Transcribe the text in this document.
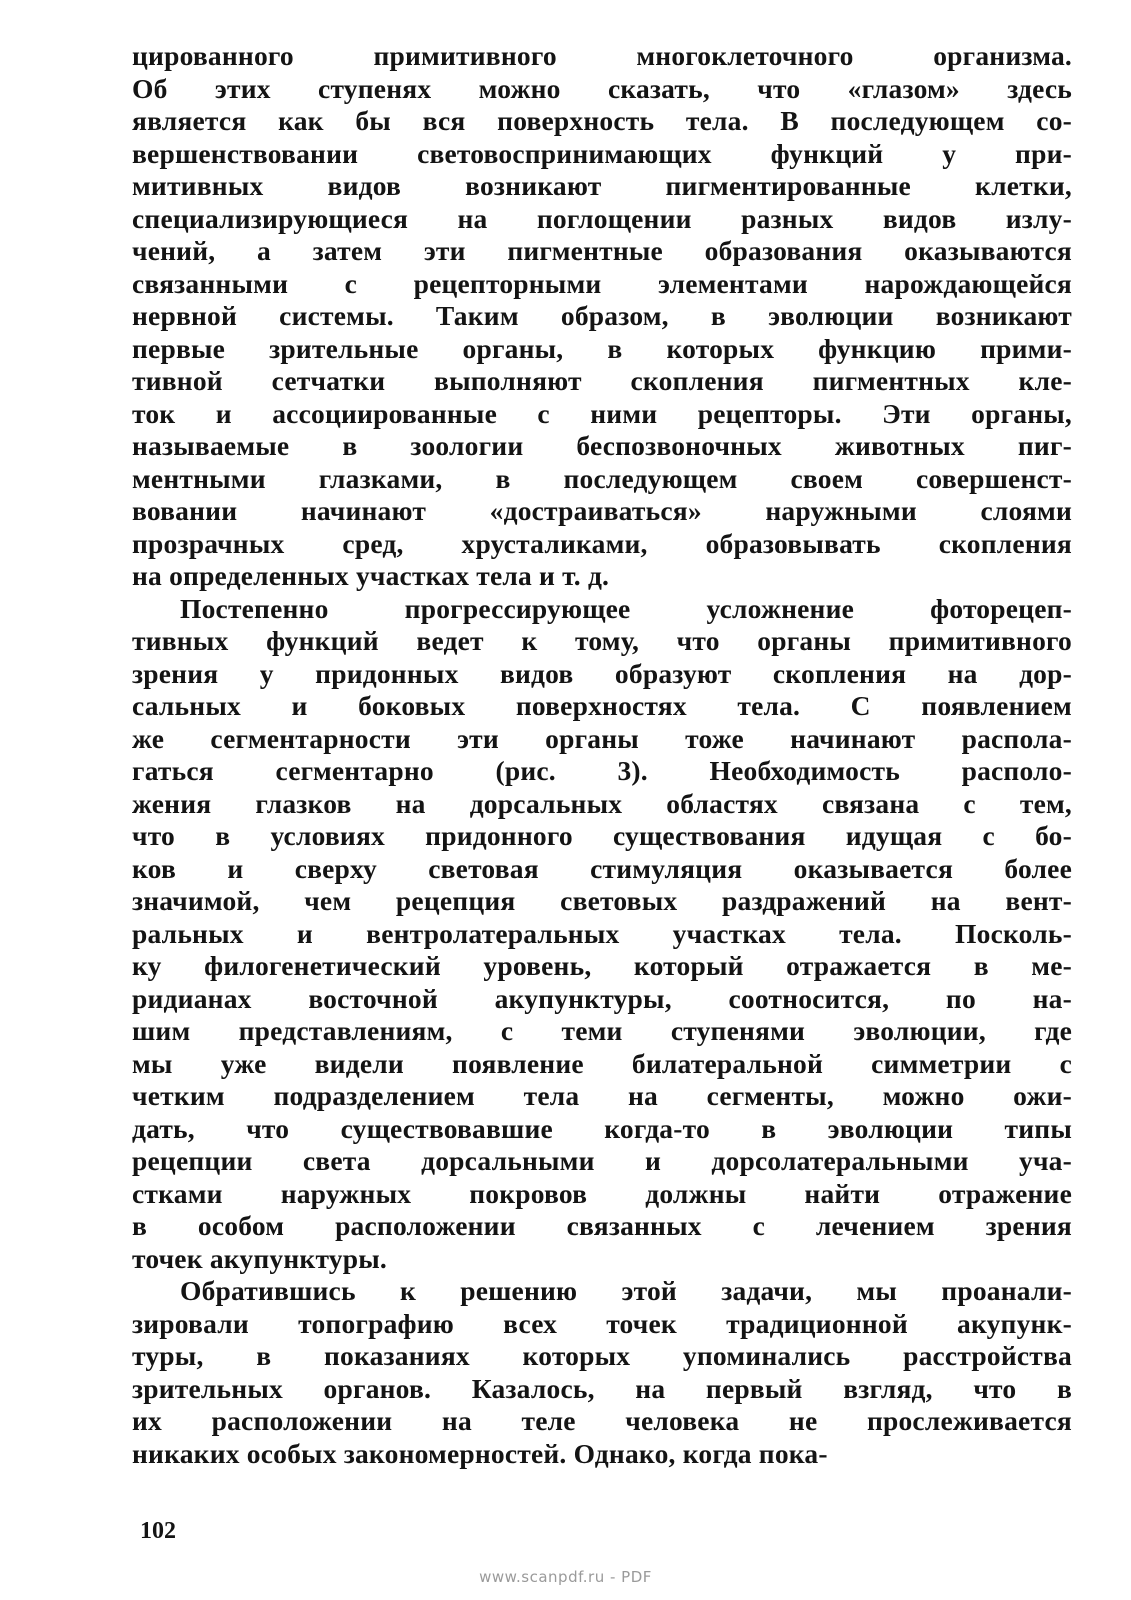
цированного примитивного многоклеточного организма.
Об этих ступенях можно сказать, что «глазом» здесь
является как бы вся поверхность тела. В последующем со-
вершенствовании световоспринимающих функций у при-
митивных видов возникают пигментированные клетки,
специализирующиеся на поглощении разных видов излу-
чений, а затем эти пигментные образования оказываются
связанными с рецепторными элементами нарождающейся
нервной системы. Таким образом, в эволюции возникают
первые зрительные органы, в которых функцию прими-
тивной сетчатки выполняют скопления пигментных кле-
ток и ассоциированные с ними рецепторы. Эти органы,
называемые в зоологии беспозвоночных животных пиг-
ментными глазками, в последующем своем совершенст-
вовании начинают «достраиваться» наружными слоями
прозрачных сред, хрусталиками, образовывать скопления
на определенных участках тела и т. д.
Постепенно прогрессирующее усложнение фоторецеп-
тивных функций ведет к тому, что органы примитивного
зрения у придонных видов образуют скопления на дор-
сальных и боковых поверхностях тела. С появлением
же сегментарности эти органы тоже начинают распола-
гаться сегментарно (рис. 3). Необходимость располо-
жения глазков на дорсальных областях связана с тем,
что в условиях придонного существования идущая с бо-
ков и сверху световая стимуляция оказывается более
значимой, чем рецепция световых раздражений на вент-
ральных и вентролатеральных участках тела. Посколь-
ку филогенетический уровень, который отражается в ме-
ридианах восточной акупунктуры, соотносится, по на-
шим представлениям, с теми ступенями эволюции, где
мы уже видели появление билатеральной симметрии с
четким подразделением тела на сегменты, можно ожи-
дать, что существовавшие когда-то в эволюции типы
рецепции света дорсальными и дорсолатеральными уча-
стками наружных покровов должны найти отражение
в особом расположении связанных с лечением зрения
точек акупунктуры.
Обратившись к решению этой задачи, мы проанали-
зировали топографию всех точек традиционной акупунк-
туры, в показаниях которых упоминались расстройства
зрительных органов. Казалось, на первый взгляд, что в
их расположении на теле человека не прослеживается
никаких особых закономерностей. Однако, когда пока-
102
www.scanpdf.ru - PDF
